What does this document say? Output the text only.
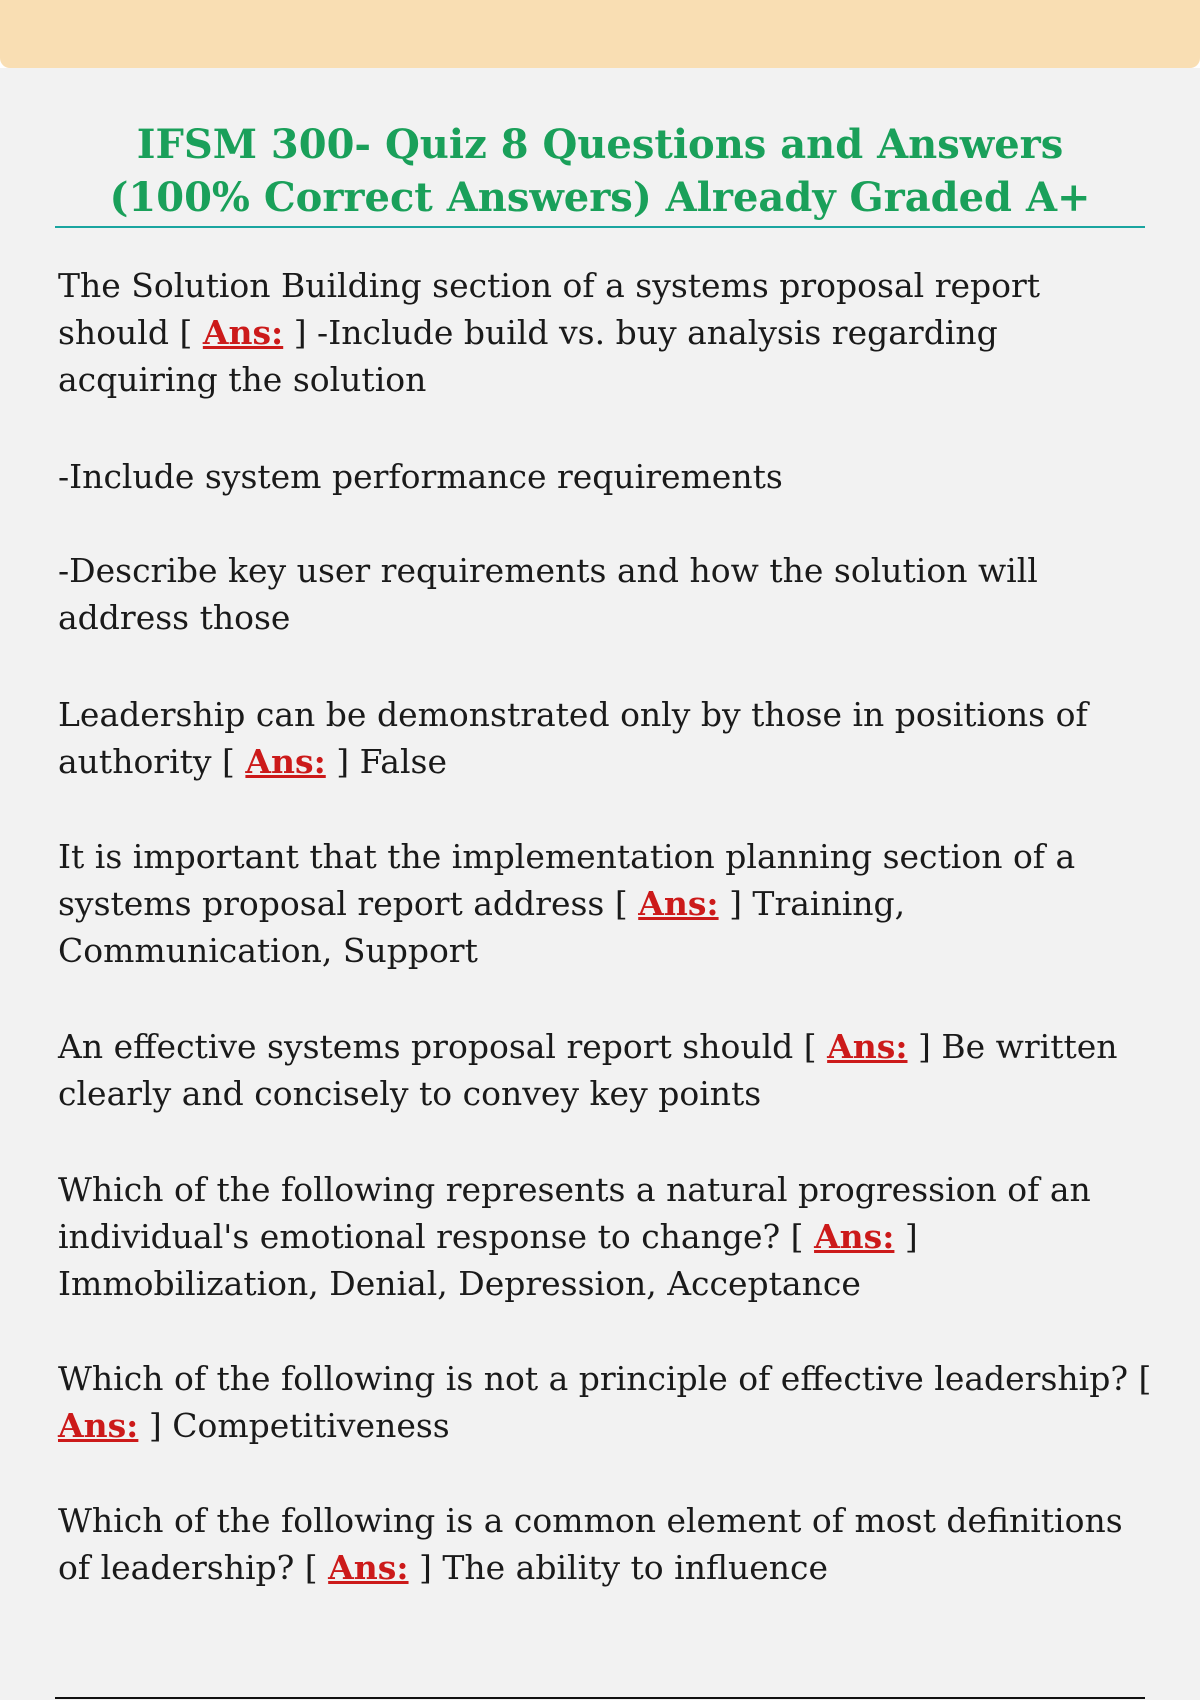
IFSM 300- Quiz 8 Questions and Answers
(100% Correct Answers) Already Graded A+

The Solution Building section of a systems proposal report should [ Ans: ] -Include build vs. buy analysis regarding acquiring the solution

-Include system performance requirements

-Describe key user requirements and how the solution will address those

Leadership can be demonstrated only by those in positions of authority [ Ans: ] False

It is important that the implementation planning section of a systems proposal report address [ Ans: ] Training, Communication, Support

An effective systems proposal report should [ Ans: ] Be written clearly and concisely to convey key points

Which of the following represents a natural progression of an individual's emotional response to change? [ Ans: ] Immobilization, Denial, Depression, Acceptance

Which of the following is not a principle of effective leadership? [ Ans: ] Competitiveness

Which of the following is a common element of most definitions of leadership? [ Ans: ] The ability to influence
